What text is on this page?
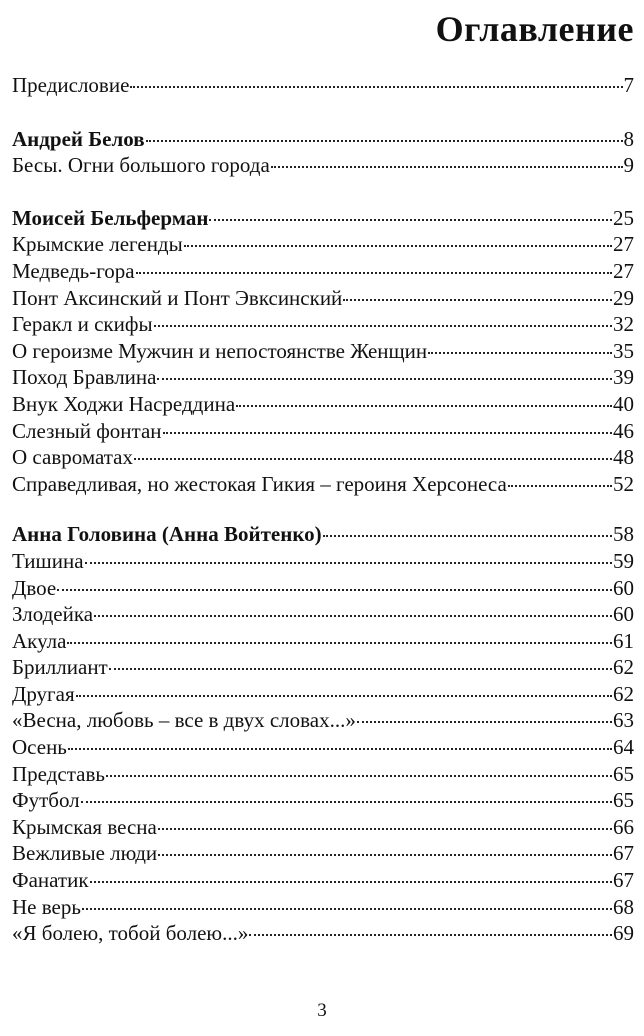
Оглавление
Предисловие	7
Андрей Белов	8
Бесы. Огни большого города	9
Моисей Бельферман	25
Крымские легенды	27
Медведь-гора	27
Понт Аксинский и Понт Эвксинский	29
Геракл и скифы	32
О героизме Мужчин и непостоянстве Женщин	35
Поход Бравлина	39
Внук Ходжи Насреддина	40
Слезный фонтан	46
О савроматах	48
Справедливая, но жестокая Гикия – героиня Херсонеса	52
Анна Головина (Анна Войтенко)	58
Тишина	59
Двое	60
Злодейка	60
Акула	61
Бриллиант	62
Другая	62
«Весна, любовь – все в двух словах...»	63
Осень	64
Представь	65
Футбол	65
Крымская весна	66
Вежливые люди	67
Фанатик	67
Не верь	68
«Я болею, тобой болею...»	69
3
